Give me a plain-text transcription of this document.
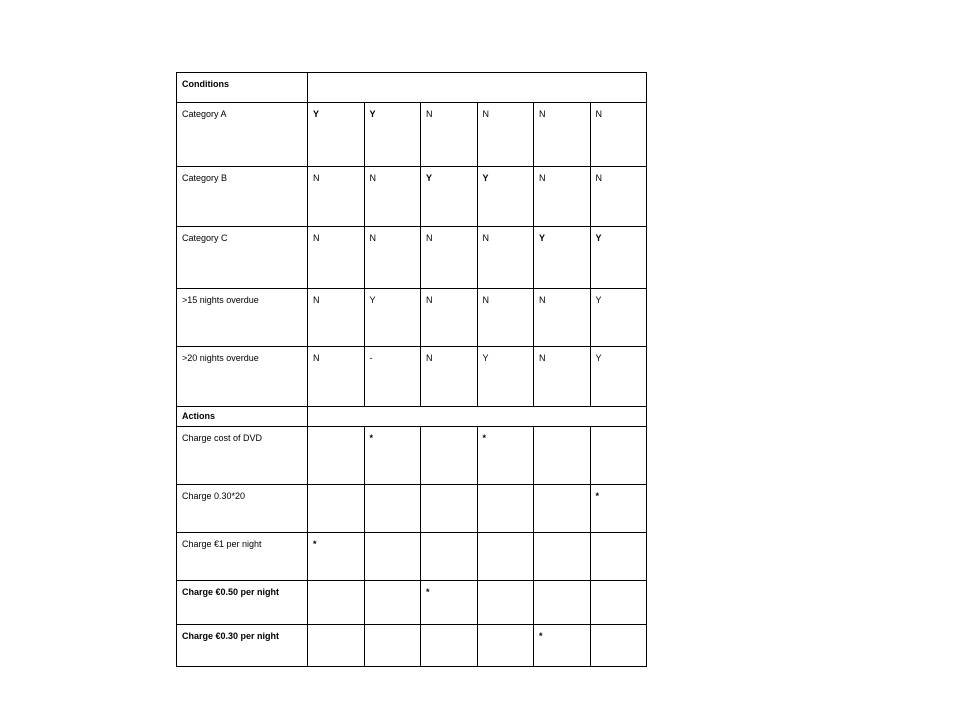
Conditions						
Category A	Y	Y	N	N	N	N
Category B	N	N	Y	Y	N	N
Category C	N	N	N	N	Y	Y
>15 nights overdue	N	Y	N	N	N	Y
>20 nights overdue	N	-	N	Y	N	Y
Actions						
Charge cost of DVD		*		*		
Charge 0.30*20						*
Charge €1 per night	*					
Charge €0.50 per night			*			
Charge €0.30 per night					*	
